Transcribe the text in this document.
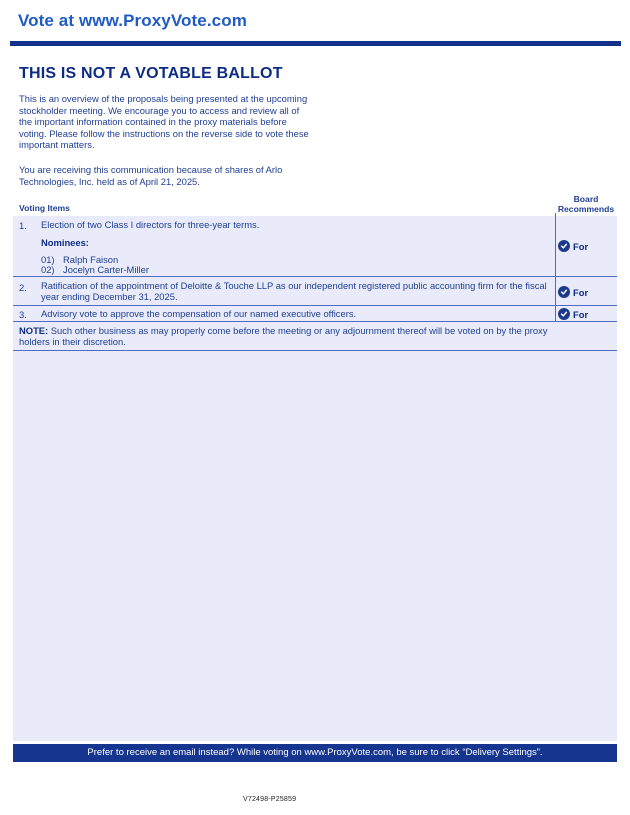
Vote at www.ProxyVote.com
THIS IS NOT A VOTABLE BALLOT
This is an overview of the proposals being presented at the upcoming stockholder meeting. We encourage you to access and review all of the important information contained in the proxy materials before voting. Please follow the instructions on the reverse side to vote these important matters.
You are receiving this communication because of shares of Arlo Technologies, Inc. held as of April 21, 2025.
Board Recommends
Voting Items
1. Election of two Class I directors for three-year terms.
Nominees:
01) Ralph Faison
02) Jocelyn Carter-Miller
For
2. Ratification of the appointment of Deloitte & Touche LLP as our independent registered public accounting firm for the fiscal year ending December 31, 2025.	For
3. Advisory vote to approve the compensation of our named executive officers.	For
NOTE: Such other business as may properly come before the meeting or any adjournment thereof will be voted on by the proxy holders in their discretion.
Prefer to receive an email instead? While voting on www.ProxyVote.com, be sure to click “Delivery Settings”.
V72498-P25859
